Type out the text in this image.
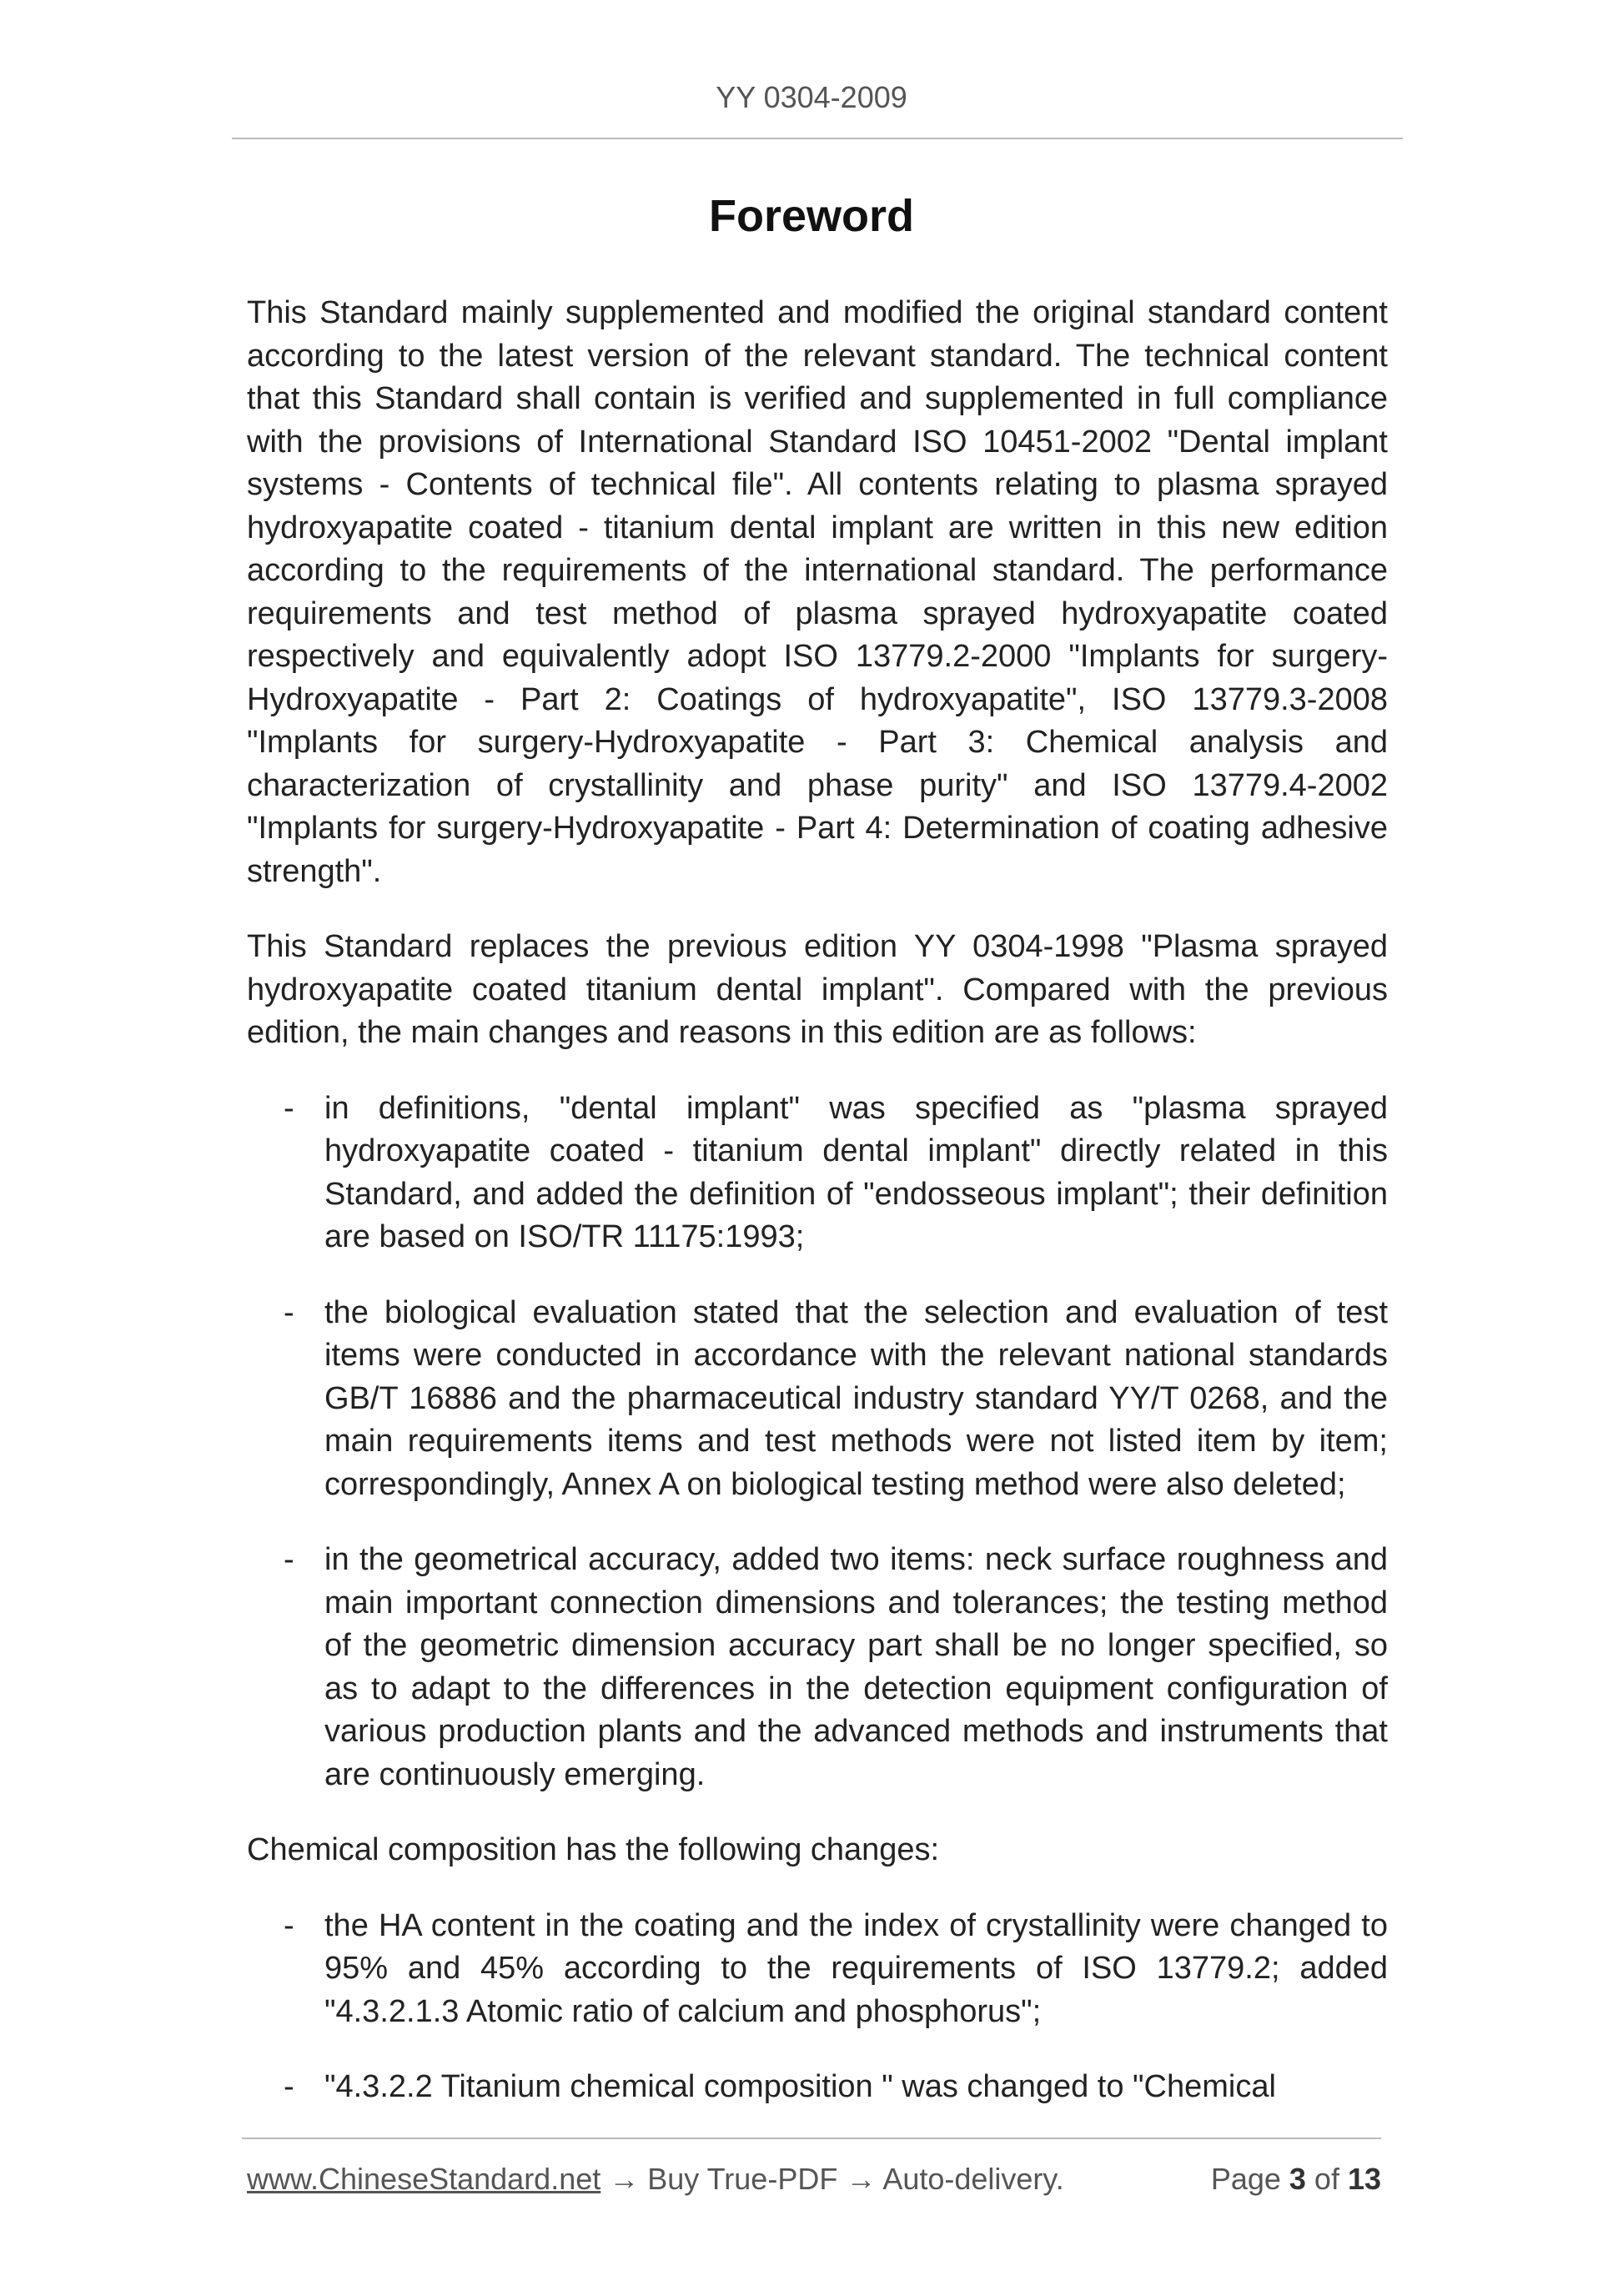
YY 0304-2009
Foreword

This Standard mainly supplemented and modified the original standard content according to the latest version of the relevant standard. The technical content that this Standard shall contain is verified and supplemented in full compliance with the provisions of International Standard ISO 10451-2002 "Dental implant systems - Contents of technical file". All contents relating to plasma sprayed hydroxyapatite coated - titanium dental implant are written in this new edition according to the requirements of the international standard. The performance requirements and test method of plasma sprayed hydroxyapatite coated respectively and equivalently adopt ISO 13779.2-2000 "Implants for surgery-Hydroxyapatite - Part 2: Coatings of hydroxyapatite", ISO 13779.3-2008 "Implants for surgery-Hydroxyapatite - Part 3: Chemical analysis and characterization of crystallinity and phase purity" and ISO 13779.4-2002 "Implants for surgery-Hydroxyapatite - Part 4: Determination of coating adhesive strength".

This Standard replaces the previous edition YY 0304-1998 "Plasma sprayed hydroxyapatite coated titanium dental implant". Compared with the previous edition, the main changes and reasons in this edition are as follows:

- in definitions, "dental implant" was specified as "plasma sprayed hydroxyapatite coated - titanium dental implant" directly related in this Standard, and added the definition of "endosseous implant"; their definition are based on ISO/TR 11175:1993;
- the biological evaluation stated that the selection and evaluation of test items were conducted in accordance with the relevant national standards GB/T 16886 and the pharmaceutical industry standard YY/T 0268, and the main requirements items and test methods were not listed item by item; correspondingly, Annex A on biological testing method were also deleted;
- in the geometrical accuracy, added two items: neck surface roughness and main important connection dimensions and tolerances; the testing method of the geometric dimension accuracy part shall be no longer specified, so as to adapt to the differences in the detection equipment configuration of various production plants and the advanced methods and instruments that are continuously emerging.

Chemical composition has the following changes:

- the HA content in the coating and the index of crystallinity were changed to 95% and 45% according to the requirements of ISO 13779.2; added "4.3.2.1.3 Atomic ratio of calcium and phosphorus";
- "4.3.2.2 Titanium chemical composition " was changed to "Chemical
www.ChineseStandard.net → Buy True-PDF → Auto-delivery.	Page 3 of 13
